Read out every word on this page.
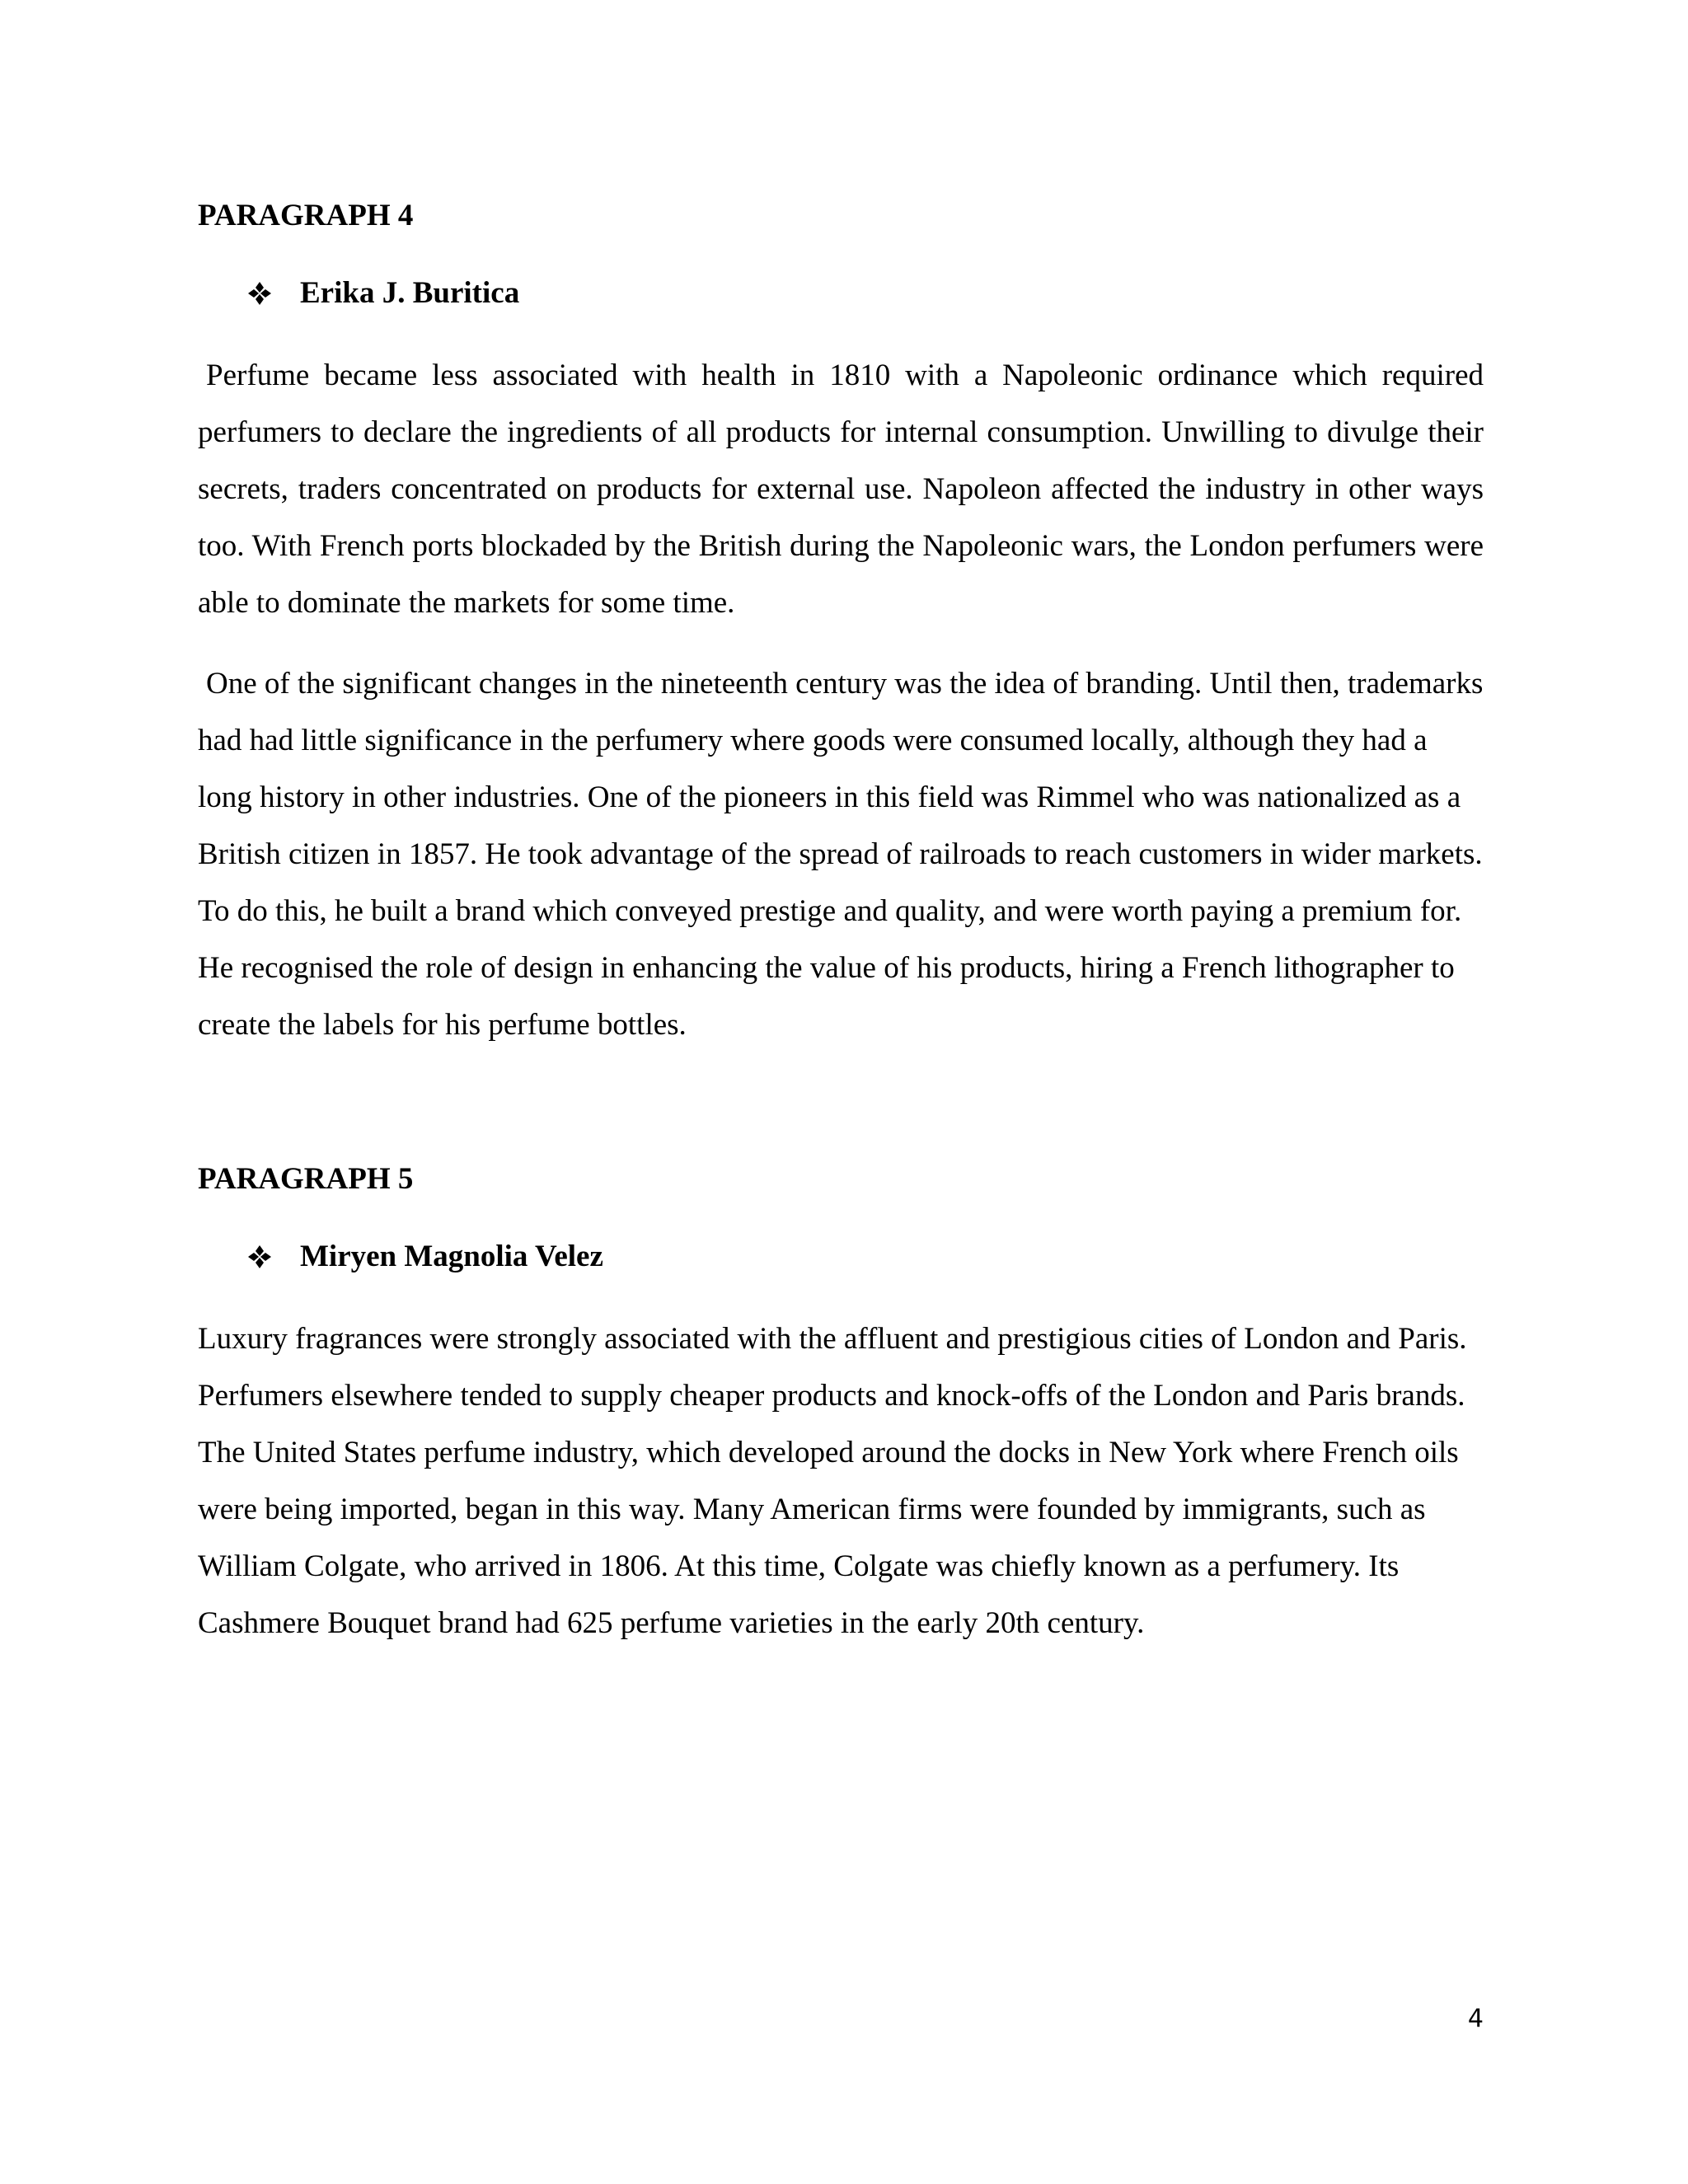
PARAGRAPH 4
Erika J. Buritica

Perfume became less associated with health in 1810 with a Napoleonic ordinance which required perfumers to declare the ingredients of all products for internal consumption. Unwilling to divulge their secrets, traders concentrated on products for external use. Napoleon affected the industry in other ways too. With French ports blockaded by the British during the Napoleonic wars, the London perfumers were able to dominate the markets for some time.

One of the significant changes in the nineteenth century was the idea of branding. Until then, trademarks had had little significance in the perfumery where goods were consumed locally, although they had a long history in other industries. One of the pioneers in this field was Rimmel who was nationalized as a British citizen in 1857. He took advantage of the spread of railroads to reach customers in wider markets. To do this, he built a brand which conveyed prestige and quality, and were worth paying a premium for. He recognised the role of design in enhancing the value of his products, hiring a French lithographer to create the labels for his perfume bottles.

PARAGRAPH 5
Miryen Magnolia Velez

Luxury fragrances were strongly associated with the affluent and prestigious cities of London and Paris. Perfumers elsewhere tended to supply cheaper products and knock-offs of the London and Paris brands. The United States perfume industry, which developed around the docks in New York where French oils were being imported, began in this way. Many American firms were founded by immigrants, such as William Colgate, who arrived in 1806. At this time, Colgate was chiefly known as a perfumery. Its Cashmere Bouquet brand had 625 perfume varieties in the early 20th century.

4
